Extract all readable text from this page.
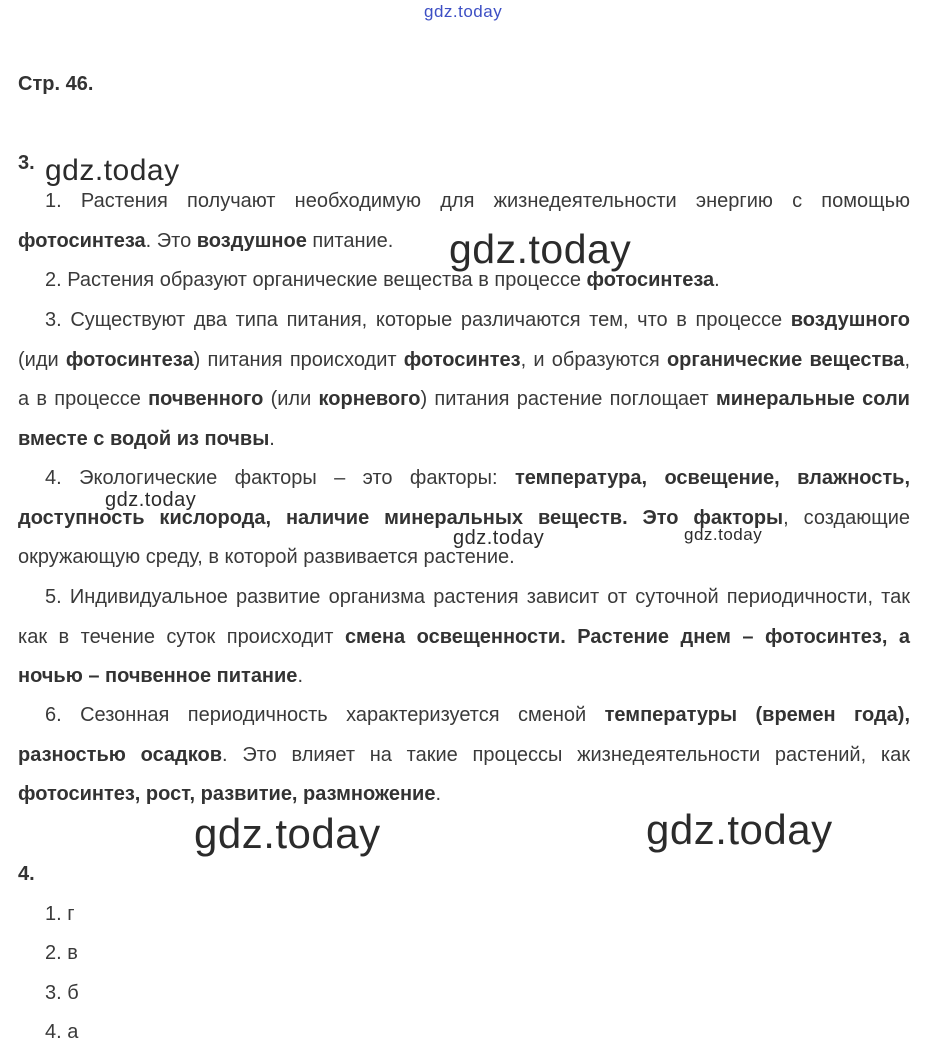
gdz.today
gdz.today
gdz.today
gdz.today
gdz.today	gdz.today
gdz.today	gdz.today
Стр. 46.
3.

1. Растения получают необходимую для жизнедеятельности энергию с помощью фотосинтеза. Это воздушное питание.

2. Растения образуют органические вещества в процессе фотосинтеза.

3. Существуют два типа питания, которые различаются тем, что в процессе воздушного (иди фотосинтеза) питания происходит фотосинтез, и образуются органические вещества, а в процессе почвенного (или корневого) питания растение поглощает минеральные соли вместе с водой из почвы.

4. Экологические факторы – это факторы: температура, освещение, влажность, доступность кислорода, наличие минеральных веществ. Это факторы, создающие окружающую среду, в которой развивается растение.

5. Индивидуальное развитие организма растения зависит от суточной периодичности, так как в течение суток происходит смена освещенности. Растение днем – фотосинтез, а ночью – почвенное питание.

6. Сезонная периодичность характеризуется сменой температуры (времен года), разностью осадков. Это влияет на такие процессы жизнедеятельности растений, как фотосинтез, рост, развитие, размножение.

4.
1. г
2. в
3. б
4. а
